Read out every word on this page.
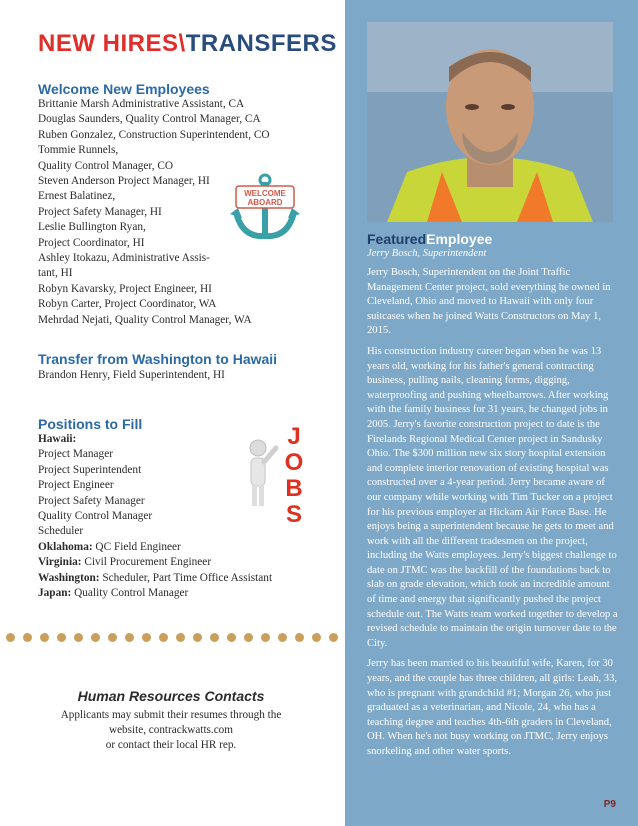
NEW HIRES\TRANSFERS
Welcome New Employees
Brittanie Marsh Administrative Assistant, CA
Douglas Saunders, Quality Control Manager, CA
Ruben Gonzalez, Construction Superintendent, CO
Tommie Runnels,
Quality Control Manager, CO
Steven Anderson Project Manager, HI
Ernest Balatinez,
Project Safety Manager, HI
Leslie Bullington Ryan,
Project Coordinator, HI
Ashley Itokazu, Administrative Assis-
tant, HI
Robyn Kavarsky, Project Engineer, HI
Robyn Carter, Project Coordinator, WA
Mehrdad Nejati, Quality Control Manager, WA
WELCOME
ABOARD
Transfer from Washington to Hawaii
Brandon Henry, Field Superintendent, HI
Positions to Fill
Hawaii:
Project Manager
Project Superintendent
Project Engineer
Project Safety Manager
Quality Control Manager
Scheduler
Oklahoma: QC Field Engineer
Virginia: Civil Procurement Engineer
Washington: Scheduler, Part Time Office Assistant
Japan: Quality Control Manager
J
O
B
S
Human Resources Contacts
Applicants may submit their resumes through the
website, contrackwatts.com
or contact their local HR rep.
FeaturedEmployee
Jerry Bosch, Superintendent

Jerry Bosch, Superintendent on the Joint Traffic Management Center project, sold everything he owned in Cleveland, Ohio and moved to Hawaii with only four suitcases when he joined Watts Constructors on May 1, 2015.

His construction industry career began when he was 13 years old, working for his father's general contracting business, pulling nails, cleaning forms, digging, waterproofing and pushing wheelbarrows. After working with the family business for 31 years, he changed jobs in 2005. Jerry's favorite construction project to date is the Firelands Regional Medical Center project in Sandusky Ohio. The $300 million new six story hospital extension and complete interior renovation of existing hospital was constructed over a 4-year period. Jerry became aware of our company while working with Tim Tucker on a project for his previous employer at Hickam Air Force Base. He enjoys being a superintendent because he gets to meet and work with all the different tradesmen on the project, including the Watts employees. Jerry's biggest challenge to date on JTMC was the backfill of the foundations back to slab on grade elevation, which took an incredible amount of time and energy that significantly pushed the project schedule out. The Watts team worked together to develop a revised schedule to maintain the origin turnover date to the City.

Jerry has been married to his beautiful wife, Karen, for 30 years, and the couple has three children, all girls: Leah, 33, who is pregnant with grandchild #1; Morgan 26, who just graduated as a veterinarian, and Nicole, 24, who has a teaching degree and teaches 4th-6th graders in Cleveland, OH. When he's not busy working on JTMC, Jerry enjoys snorkeling and other water sports.

P9
